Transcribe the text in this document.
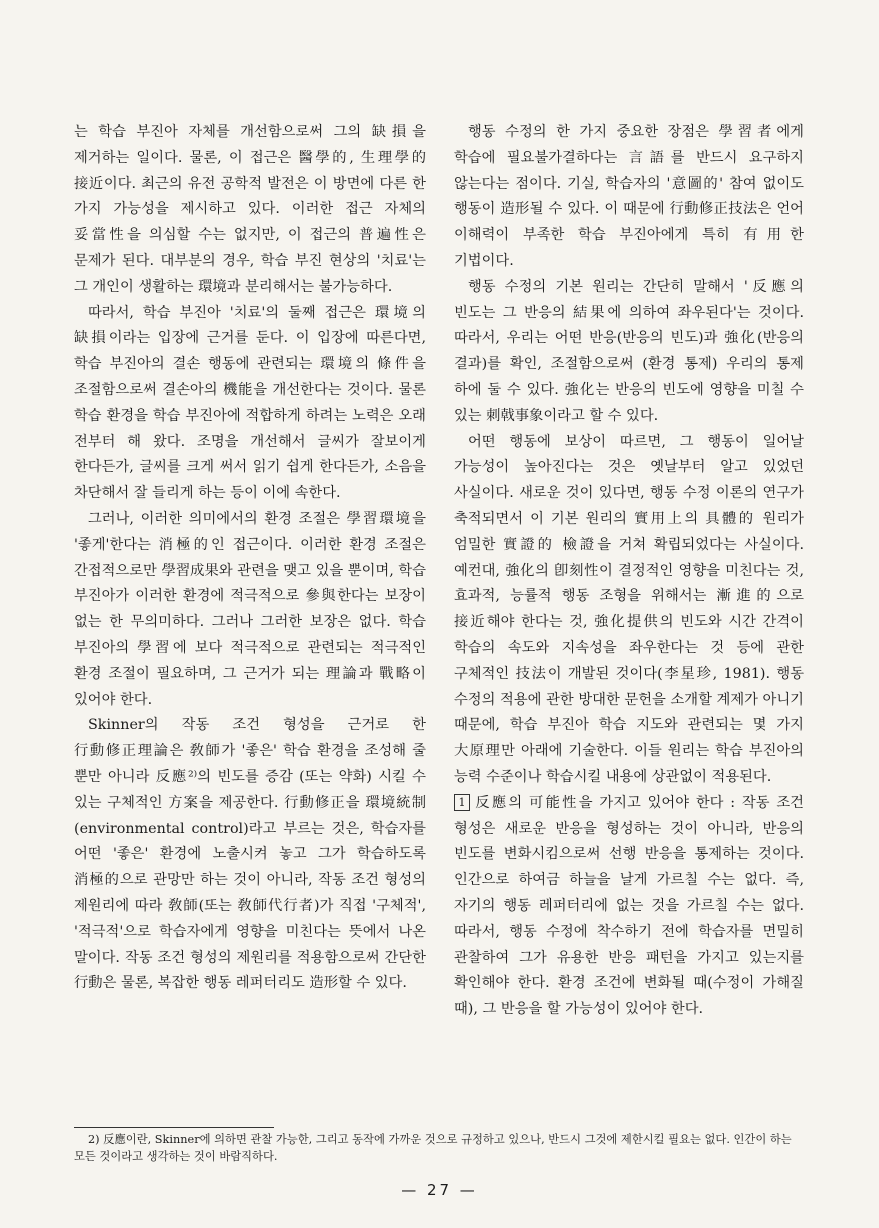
는 학습 부진아 자체를 개선함으로써 그의 缺損을 제거하는 일이다. 물론, 이 접근은 醫學的, 生理學的 接近이다. 최근의 유전 공학적 발전은 이 방면에 다른 한 가지 가능성을 제시하고 있다. 이러한 접근 자체의 妥當性을 의심할 수는 없지만, 이 접근의 普遍性은 문제가 된다. 대부분의 경우, 학습 부진 현상의 '치료'는 그 개인이 생활하는 環境과 분리해서는 불가능하다.

따라서, 학습 부진아 '치료'의 둘째 접근은 環境의 缺損이라는 입장에 근거를 둔다. 이 입장에 따른다면, 학습 부진아의 결손 행동에 관련되는 環境의 條件을 조절함으로써 결손아의 機能을 개선한다는 것이다. 물론 학습 환경을 학습 부진아에 적합하게 하려는 노력은 오래 전부터 해 왔다. 조명을 개선해서 글씨가 잘보이게 한다든가, 글씨를 크게 써서 읽기 쉽게 한다든가, 소음을 차단해서 잘 들리게 하는 등이 이에 속한다.

그러나, 이러한 의미에서의 환경 조절은 學習環境을 '좋게'한다는 消極的인 접근이다. 이러한 환경 조절은 간접적으로만 學習成果와 관련을 맺고 있을 뿐이며, 학습 부진아가 이러한 환경에 적극적으로 參與한다는 보장이 없는 한 무의미하다. 그러나 그러한 보장은 없다. 학습 부진아의 學習에 보다 적극적으로 관련되는 적극적인 환경 조절이 필요하며, 그 근거가 되는 理論과 戰略이 있어야 한다.

Skinner의 작동 조건 형성을 근거로 한 行動修正理論은 敎師가 '좋은' 학습 환경을 조성해 줄 뿐만 아니라 反應²⁾의 빈도를 증감 (또는 약화) 시킬 수 있는 구체적인 方案을 제공한다. 行動修正을 環境統制(environmental control)라고 부르는 것은, 학습자를 어떤 '좋은' 환경에 노출시켜 놓고 그가 학습하도록 消極的으로 관망만 하는 것이 아니라, 작동 조건 형성의 제원리에 따라 敎師(또는 敎師代行者)가 직접 '구체적', '적극적'으로 학습자에게 영향을 미친다는 뜻에서 나온 말이다. 작동 조건 형성의 제원리를 적용함으로써 간단한 行動은 물론, 복잡한 행동 레퍼터리도 造形할 수 있다.

행동 수정의 한 가지 중요한 장점은 學習者에게 학습에 필요불가결하다는 言語를 반드시 요구하지 않는다는 점이다. 기실, 학습자의 '意圖的' 참여 없이도 행동이 造形될 수 있다. 이 때문에 行動修正技法은 언어 이해력이 부족한 학습 부진아에게 특히 有用한 기법이다.

행동 수정의 기본 원리는 간단히 말해서 '反應의 빈도는 그 반응의 結果에 의하여 좌우된다'는 것이다. 따라서, 우리는 어떤 반응(반응의 빈도)과 強化(반응의 결과)를 확인, 조절함으로써 (환경 통제) 우리의 통제 하에 둘 수 있다. 強化는 반응의 빈도에 영향을 미칠 수 있는 刺戟事象이라고 할 수 있다.

어떤 행동에 보상이 따르면, 그 행동이 일어날 가능성이 높아진다는 것은 옛날부터 알고 있었던 사실이다. 새로운 것이 있다면, 행동 수정 이론의 연구가 축적되면서 이 기본 원리의 實用上의 具體的 원리가 엄밀한 實證的 檢證을 거쳐 확립되었다는 사실이다. 예컨대, 強化의 卽刻性이 결정적인 영향을 미친다는 것, 효과적, 능률적 행동 조형을 위해서는 漸進的으로 接近해야 한다는 것, 強化提供의 빈도와 시간 간격이 학습의 속도와 지속성을 좌우한다는 것 등에 관한 구체적인 技法이 개발된 것이다(李星珍, 1981). 행동 수정의 적용에 관한 방대한 문헌을 소개할 계제가 아니기 때문에, 학습 부진아 학습 지도와 관련되는 몇 가지 大原理만 아래에 기술한다. 이들 원리는 학습 부진아의 능력 수준이나 학습시킬 내용에 상관없이 적용된다.

1 反應의 可能性을 가지고 있어야 한다 : 작동 조건 형성은 새로운 반응을 형성하는 것이 아니라, 반응의 빈도를 변화시킴으로써 선행 반응을 통제하는 것이다. 인간으로 하여금 하늘을 날게 가르칠 수는 없다. 즉, 자기의 행동 레퍼터리에 없는 것을 가르칠 수는 없다. 따라서, 행동 수정에 착수하기 전에 학습자를 면밀히 관찰하여 그가 유용한 반응 패턴을 가지고 있는지를 확인해야 한다. 환경 조건에 변화될 때(수정이 가해질 때), 그 반응을 할 가능성이 있어야 한다.

2) 反應이란, Skinner에 의하면 관찰 가능한, 그리고 동작에 가까운 것으로 규정하고 있으나, 반드시 그것에 제한시킬 필요는 없다. 인간이 하는 모든 것이라고 생각하는 것이 바람직하다.

— 27 —
